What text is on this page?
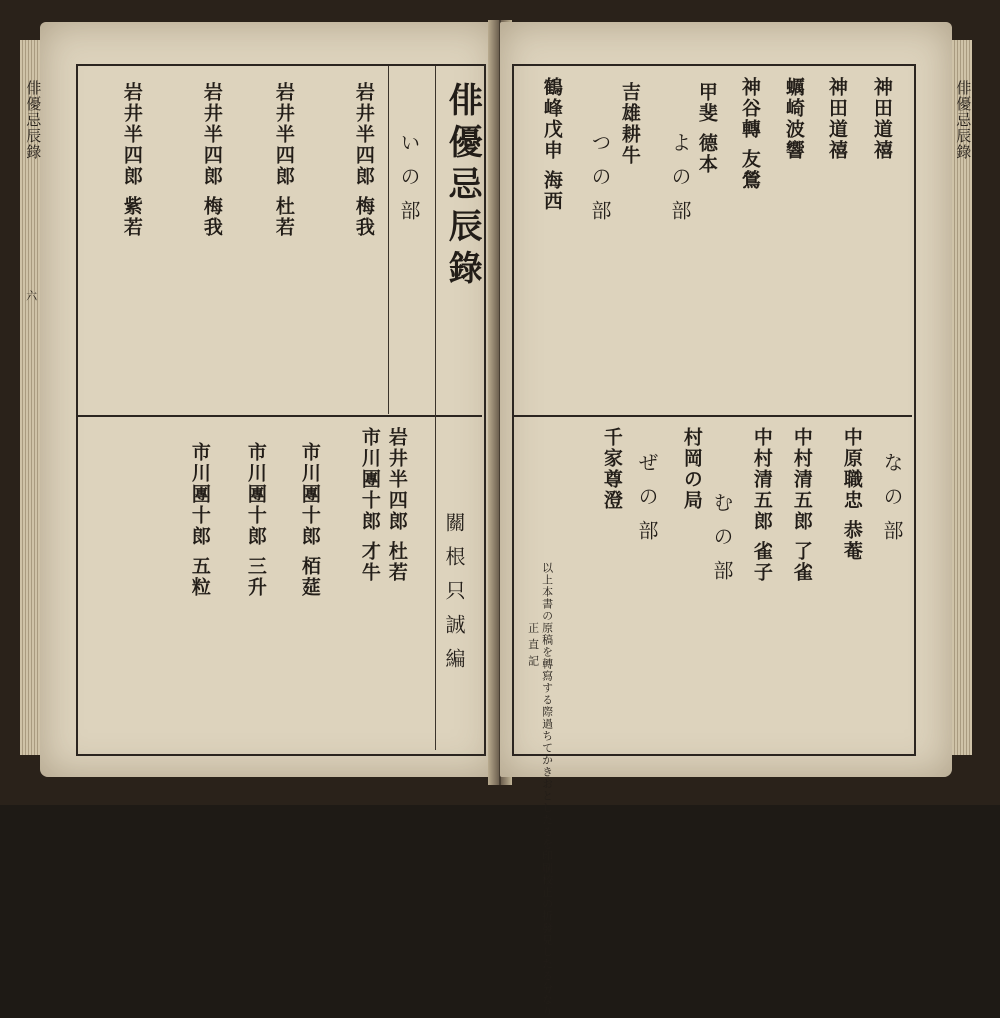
俳優忌辰錄
いの部
關根只誠編
岩井半四郎 梅我
岩井半四郎 杜若
岩井半四郎 梅我
岩井半四郎 紫若
岩井半四郎 杜若
市川團十郎 五粒 市川團十郎 三升 市川團十郎 栢莚 市川團十郎 才牛
神田道禧
神田道禧
神谷轉 友鶯 蠣崎波響
よの部
吉雄耕牛	甲斐 德本
つの部
鶴峰戊申 海西
なの部
中原職忠 恭菴
中村清五郎 了雀
中村清五郎 雀子
むの部
村岡の局
ぜの部
千家尊澄
以上本書の原稿を轉寫する際過ちてかきおとしたるを印刷校正の折發見したる分なり
正 直 記
俳優忌辰錄	俳優忌辰錄
六
